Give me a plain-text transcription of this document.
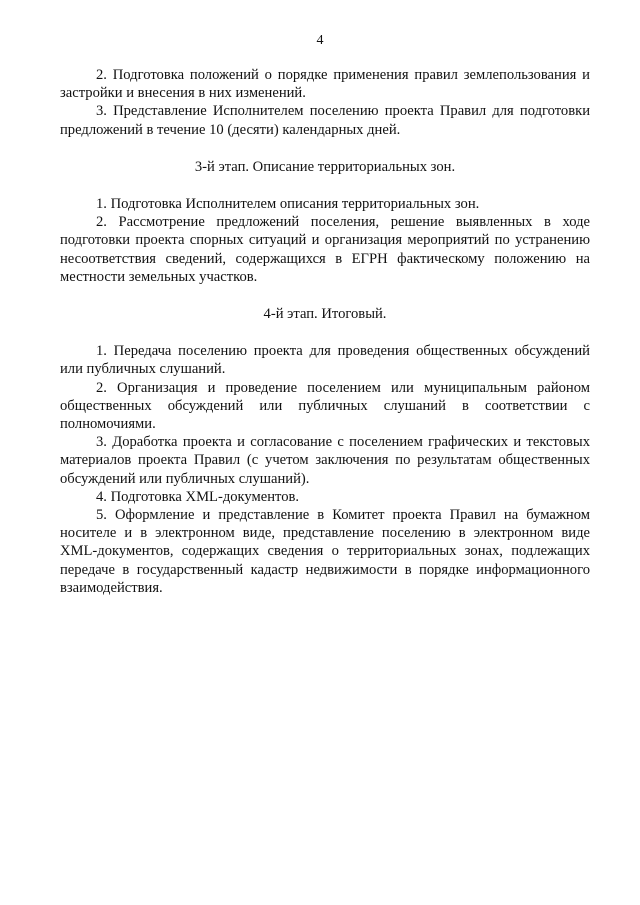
4

2. Подготовка положений о порядке применения правил землепользования и застройки и внесения в них изменений.

3. Представление Исполнителем поселению проекта Правил для подготовки предложений в течение 10 (десяти) календарных дней.

3-й этап. Описание территориальных зон.

1. Подготовка Исполнителем описания территориальных зон.

2. Рассмотрение предложений поселения, решение выявленных в ходе подготовки проекта спорных ситуаций и организация мероприятий по устранению несоответствия сведений, содержащихся в ЕГРН фактическому положению на местности земельных участков.

4-й этап. Итоговый.

1. Передача поселению проекта для проведения общественных обсуждений или публичных слушаний.

2. Организация и проведение поселением или муниципальным районом общественных обсуждений или публичных слушаний в соответствии с полномочиями.

3. Доработка проекта и согласование с поселением графических и текстовых материалов проекта Правил (с учетом заключения по результатам общественных обсуждений или публичных слушаний).

4. Подготовка XML-документов.

5. Оформление и представление в Комитет проекта Правил на бумажном носителе и в электронном виде, представление поселению в электронном виде XML-документов, содержащих сведения о территориальных зонах, подлежащих передаче в государственный кадастр недвижимости в порядке информационного взаимодействия.
